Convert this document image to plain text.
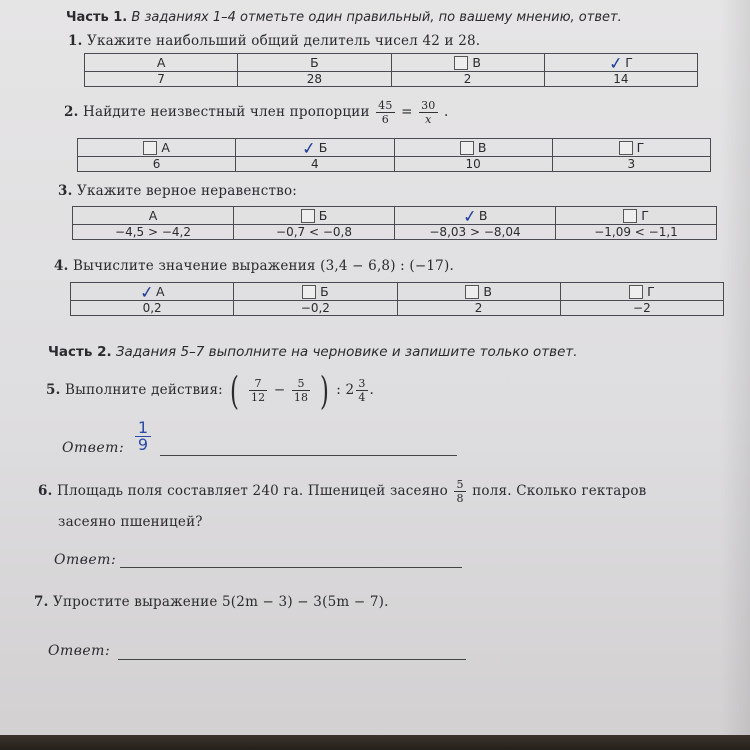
Часть 1. В заданиях 1–4 отметьте один правильный, по вашему мнению, ответ.
1. Укажите наибольший общий делитель чисел 42 и 28.
А	Б	В	✓Г
7	28	2	14
2. Найдите неизвестный член пропорции $\frac{45}{6} = \frac{30}{x}$ .
А	✓Б	В	Г
6	4	10	3
3. Укажите верное неравенство:
А	Б	✓В	Г
−4,5 > −4,2	−0,7 < −0,8	−8,03 > −8,04	−1,09 < −1,1
4. Вычислите значение выражения (3,4 − 6,8) : (−17).
✓А	Б	В	Г
0,2	−0,2	2	−2
Часть 2. Задания 5–7 выполните на черновике и запишите только ответ.
5. Выполните действия: ( $\frac{7}{12} - \frac{5}{18}$ ) : $2 \frac{3}{4}$ .
Ответ:
1
9
6. Площадь поля составляет 240 га. Пшеницей засеяно $\frac{5}{8}$ поля. Сколько гектаров
засеяно пшеницей?
Ответ:
7. Упростите выражение 5(2m − 3) − 3(5m − 7).
Ответ:
